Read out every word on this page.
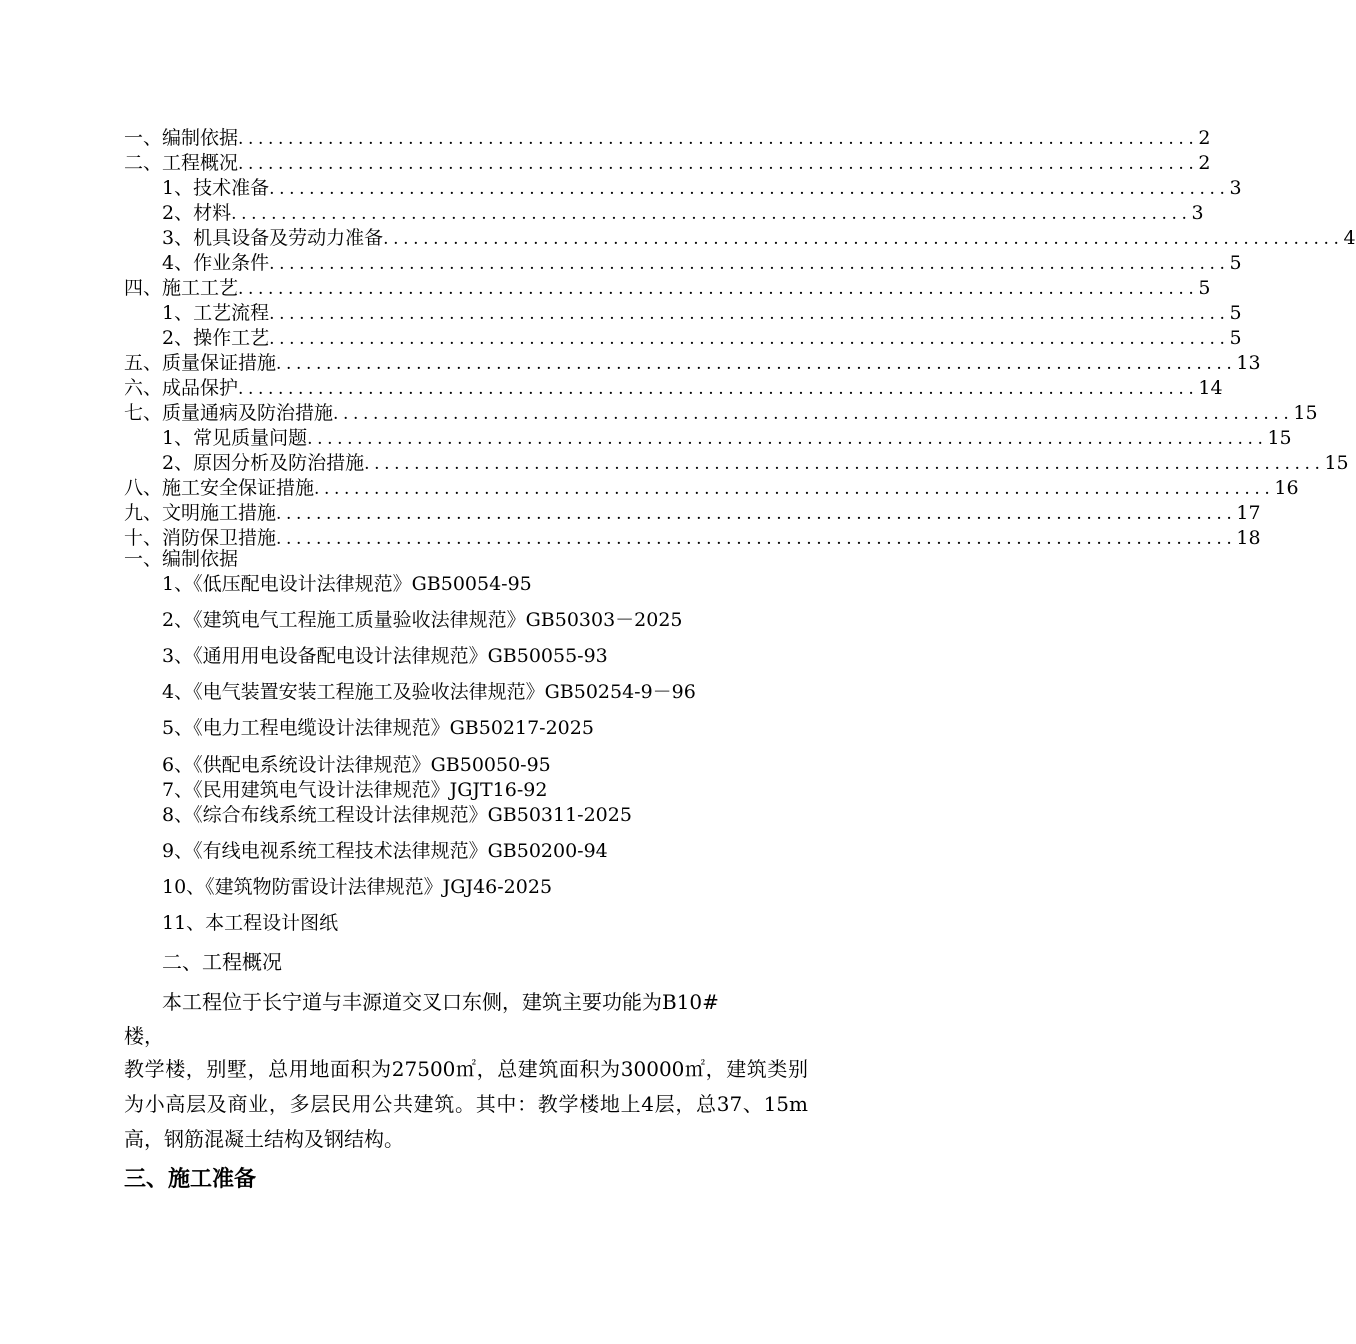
一、编制依据 ................................................................................................ 2
二、工程概况 ................................................................................................ 2
1、技术准备 ................................................................................................ 3
2、材料 ................................................................................................ 3
3、机具设备及劳动力准备 ................................................................................................ 4
4、作业条件 ................................................................................................ 5
四、施工工艺 ................................................................................................ 5
1、工艺流程 ................................................................................................ 5
2、操作工艺 ................................................................................................ 5
五、质量保证措施 ................................................................................................ 13
六、成品保护 ................................................................................................ 14
七、质量通病及防治措施 ................................................................................................ 15
1、常见质量问题 ................................................................................................ 15
2、原因分析及防治措施 ................................................................................................ 15
八、施工安全保证措施 ................................................................................................ 16
九、文明施工措施 ................................................................................................ 17
十、消防保卫措施 ................................................................................................ 18
一、编制依据
1、《低压配电设计法律规范》GB50054-95
2、《建筑电气工程施工质量验收法律规范》GB50303－2025
3、《通用用电设备配电设计法律规范》GB50055-93
4、《电气装置安装工程施工及验收法律规范》GB50254-9－96
5、《电力工程电缆设计法律规范》GB50217-2025
6、《供配电系统设计法律规范》GB50050-95
7、《民用建筑电气设计法律规范》JGJT16-92
8、《综合布线系统工程设计法律规范》GB50311-2025
9、《有线电视系统工程技术法律规范》GB50200-94
10、《建筑物防雷设计法律规范》JGJ46-2025
11、本工程设计图纸
二、工程概况
本工程位于长宁道与丰源道交叉口东侧，建筑主要功能为B10#
楼，
教学楼，别墅，总用地面积为27500㎡，总建筑面积为30000㎡，建筑类别为小高层及商业，多层民用公共建筑。其中：教学楼地上4层，总37、15m高，钢筋混凝土结构及钢结构。
三、施工准备
